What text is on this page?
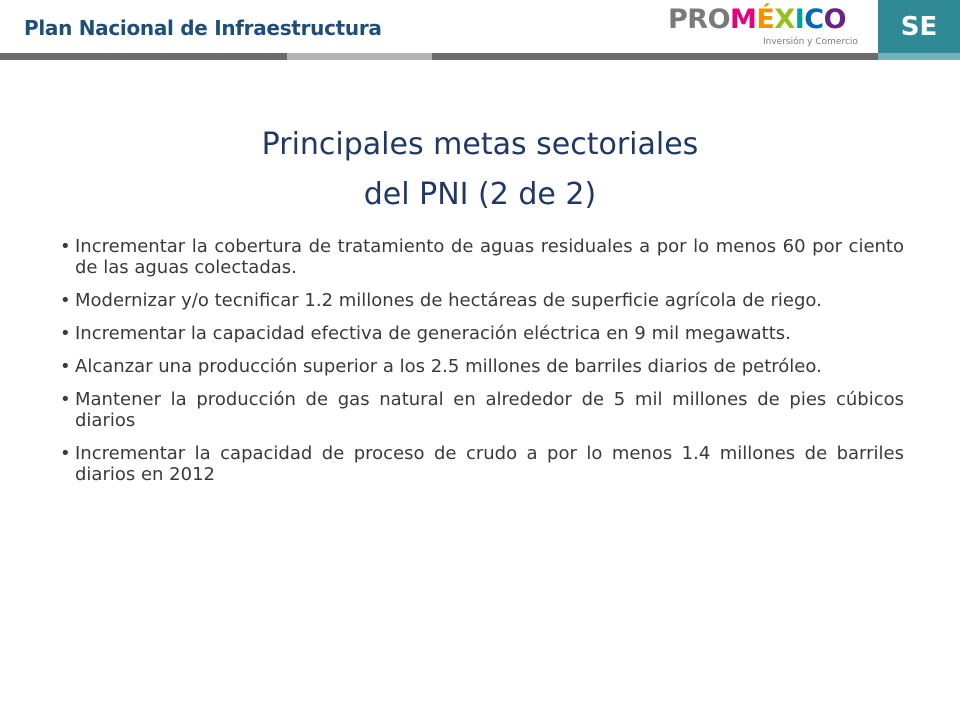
Plan Nacional de Infraestructura	PROMÉXICO
Inversión y Comercio
SE
Principales metas sectoriales
del PNI (2 de 2)
• Incrementar la cobertura de tratamiento de aguas residuales a por lo menos 60 por ciento de las aguas colectadas.
• Modernizar y/o tecnificar 1.2 millones de hectáreas de superficie agrícola de riego.
• Incrementar la capacidad efectiva de generación eléctrica en 9 mil megawatts.
• Alcanzar una producción superior a los 2.5 millones de barriles diarios de petróleo.
• Mantener la producción de gas natural en alrededor de 5 mil millones de pies cúbicos diarios
• Incrementar la capacidad de proceso de crudo a por lo menos 1.4 millones de barriles diarios en 2012
